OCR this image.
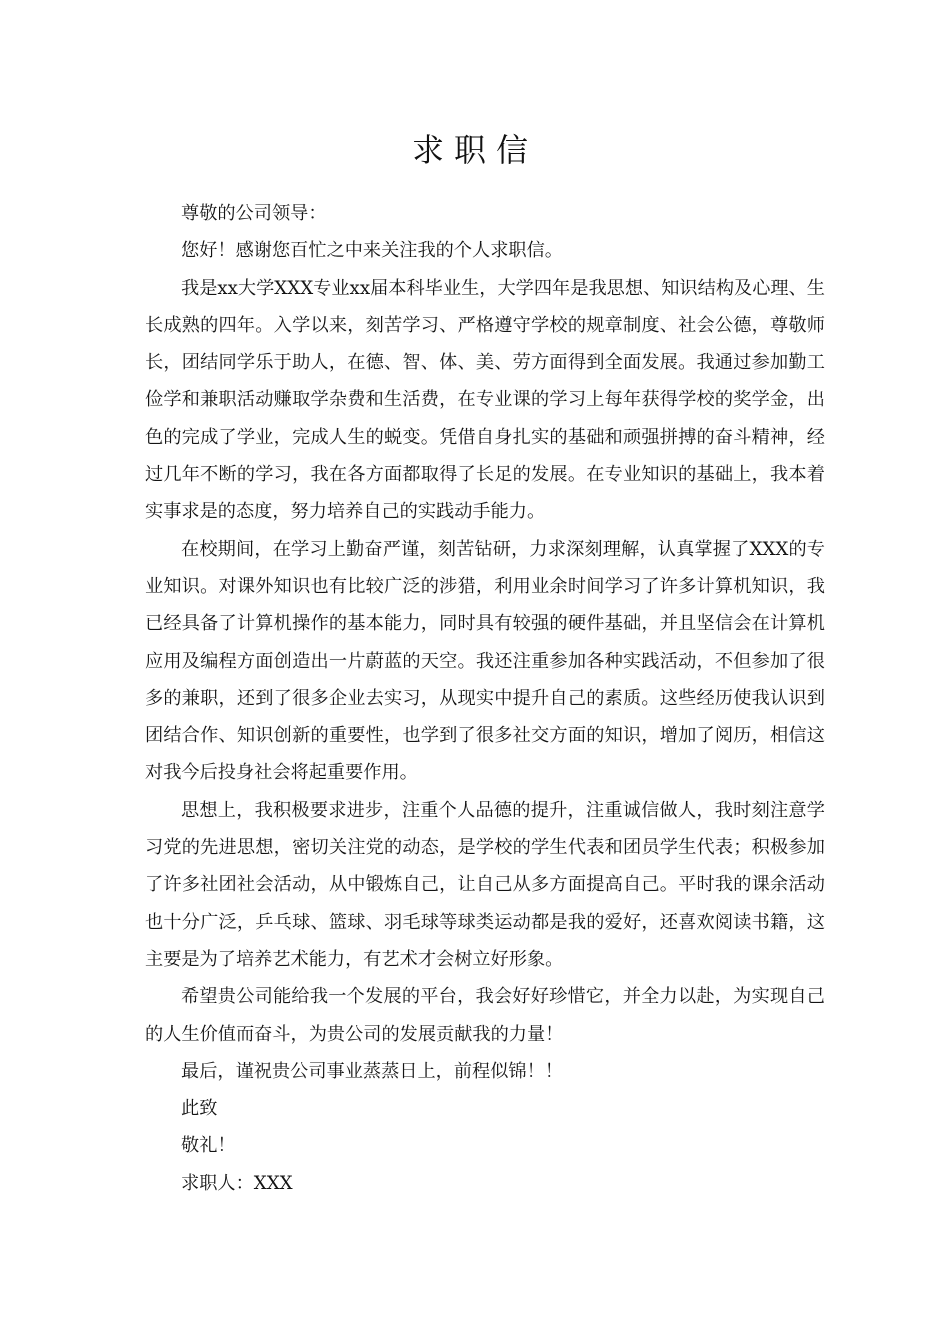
求职信

尊敬的公司领导：

您好！感谢您百忙之中来关注我的个人求职信。

我是xx大学XXX专业xx届本科毕业生，大学四年是我思想、知识结构及心理、生长成熟的四年。入学以来，刻苦学习、严格遵守学校的规章制度、社会公德，尊敬师长，团结同学乐于助人，在德、智、体、美、劳方面得到全面发展。我通过参加勤工俭学和兼职活动赚取学杂费和生活费，在专业课的学习上每年获得学校的奖学金，出色的完成了学业，完成人生的蜕变。凭借自身扎实的基础和顽强拼搏的奋斗精神，经过几年不断的学习，我在各方面都取得了长足的发展。在专业知识的基础上，我本着实事求是的态度，努力培养自己的实践动手能力。

在校期间，在学习上勤奋严谨，刻苦钻研，力求深刻理解，认真掌握了XXX的专业知识。对课外知识也有比较广泛的涉猎，利用业余时间学习了许多计算机知识，我已经具备了计算机操作的基本能力，同时具有较强的硬件基础，并且坚信会在计算机应用及编程方面创造出一片蔚蓝的天空。我还注重参加各种实践活动，不但参加了很多的兼职，还到了很多企业去实习，从现实中提升自己的素质。这些经历使我认识到团结合作、知识创新的重要性，也学到了很多社交方面的知识，增加了阅历，相信这对我今后投身社会将起重要作用。

思想上，我积极要求进步，注重个人品德的提升，注重诚信做人，我时刻注意学习党的先进思想，密切关注党的动态，是学校的学生代表和团员学生代表；积极参加了许多社团社会活动，从中锻炼自己，让自己从多方面提高自己。平时我的课余活动也十分广泛，乒乓球、篮球、羽毛球等球类运动都是我的爱好，还喜欢阅读书籍，这主要是为了培养艺术能力，有艺术才会树立好形象。

希望贵公司能给我一个发展的平台，我会好好珍惜它，并全力以赴，为实现自己的人生价值而奋斗，为贵公司的发展贡献我的力量！

最后，谨祝贵公司事业蒸蒸日上，前程似锦！！

此致

敬礼！

求职人：XXX
